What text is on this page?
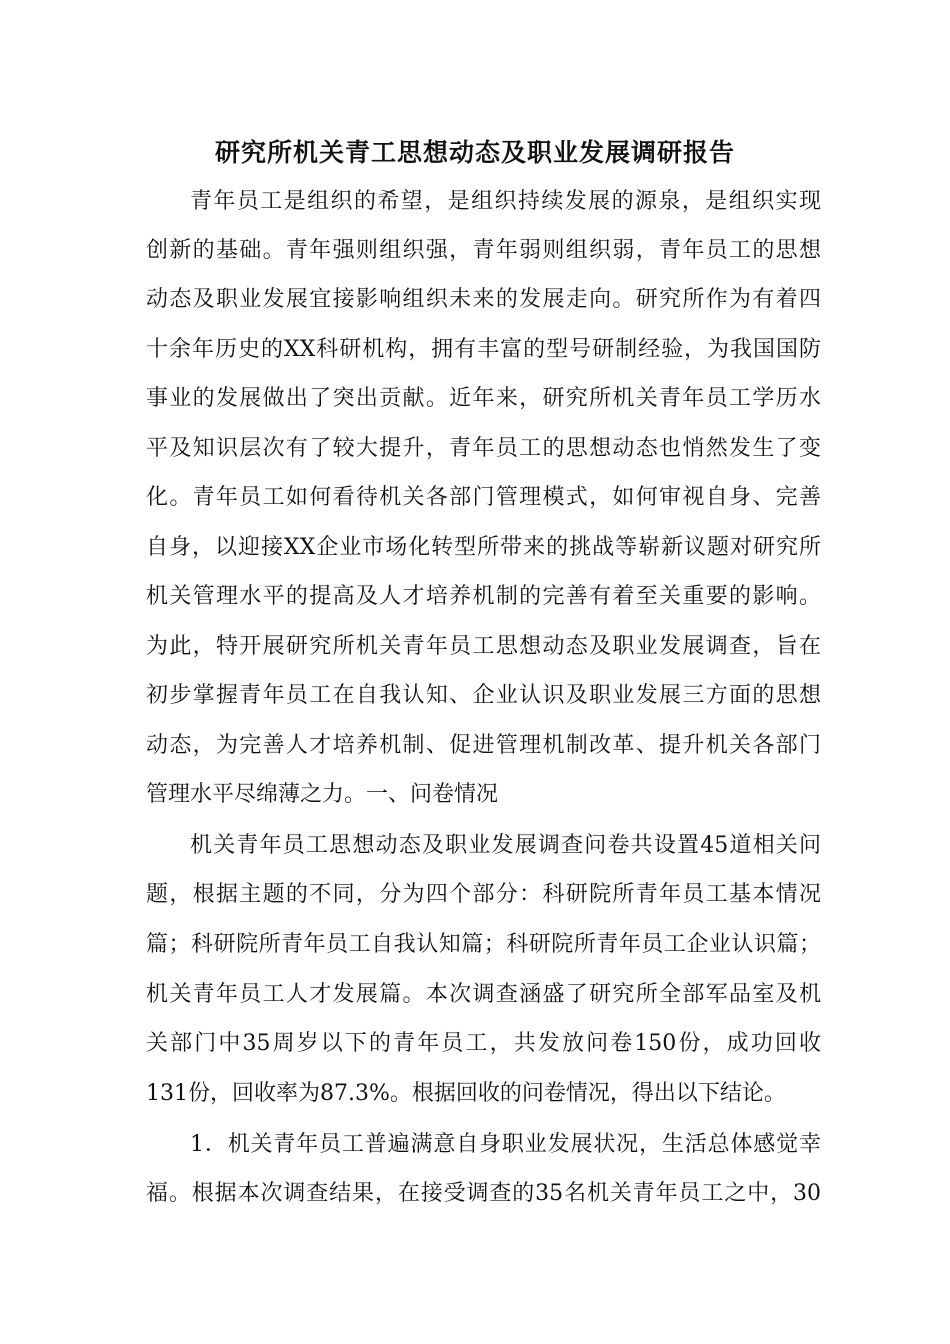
研究所机关青工思想动态及职业发展调研报告
青年员工是组织的希望，是组织持续发展的源泉，是组织实现
创新的基础。青年强则组织强，青年弱则组织弱，青年员工的思想
动态及职业发展宜接影响组织未来的发展走向。研究所作为有着四
十余年历史的XX科研机构，拥有丰富的型号研制经验，为我国国防
事业的发展做出了突出贡献。近年来，研究所机关青年员工学历水
平及知识层次有了较大提升，青年员工的思想动态也悄然发生了变
化。青年员工如何看待机关各部门管理模式，如何审视自身、完善
自身，以迎接XX企业市场化转型所带来的挑战等崭新议题对研究所
机关管理水平的提高及人才培养机制的完善有着至关重要的影响。
为此，特开展研究所机关青年员工思想动态及职业发展调查，旨在
初步掌握青年员工在自我认知、企业认识及职业发展三方面的思想
动态，为完善人才培养机制、促进管理机制改革、提升机关各部门
管理水平尽绵薄之力。一、问卷情况
机关青年员工思想动态及职业发展调查问卷共设置45道相关问
题，根据主题的不同，分为四个部分：科研院所青年员工基本情况
篇；科研院所青年员工自我认知篇；科研院所青年员工企业认识篇；
机关青年员工人才发展篇。本次调查涵盛了研究所全部军品室及机
关部门中35周岁以下的青年员工，共发放问卷150份，成功回收
131份，回收率为87.3%。根据回收的问卷情况，得出以下结论。
1．机关青年员工普遍满意自身职业发展状况，生活总体感觉幸
福。根据本次调查结果，在接受调查的35名机关青年员工之中，30
